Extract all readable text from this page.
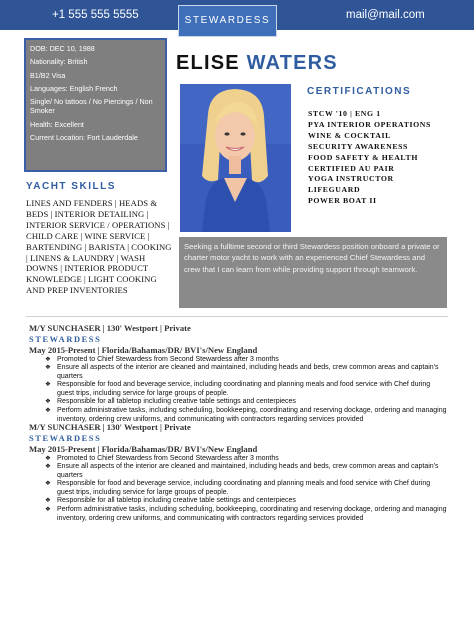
+1 555 555 5555	STEWARDESS	mail@mail.com
DOB: DEC 10, 1988
Nationality: British
B1/B2 Visa
Languages: English French
Single/ No tattoos / No Piercings / Non Smoker
Health: Excellent
Current Location: Fort Lauderdale
ELISE WATERS
CERTIFICATIONS
STCW '10 | ENG 1
PYA INTERIOR OPERATIONS
WINE & COCKTAIL
SECURITY AWARENESS
FOOD SAFETY & HEALTH
CERTIFIED AU PAIR
YOGA INSTRUCTOR
LIFEGUARD
POWER BOAT II
YACHT SKILLS
LINES AND FENDERS | HEADS & BEDS | INTERIOR DETAILING | INTERIOR SERVICE / OPERATIONS | CHILD CARE | WINE SERVICE | BARTENDING | BARISTA | COOKING | LINENS & LAUNDRY | WASH DOWNS | INTERIOR PRODUCT KNOWLEDGE | LIGHT COOKING AND PREP INVENTORIES
Seeking a fulltime second or third Stewardess position onboard a private or charter motor yacht to work with an experienced Chief Stewardess and crew that I can learn from while providing support through teamwork.
M/Y SUNCHASER | 130' Westport | Private
STEWARDESS
May 2015-Present | Florida/Bahamas/DR/ BVI's/New England
❖ Promoted to Chief Stewardess from Second Stewardess after 3 months
❖ Ensure all aspects of the interior are cleaned and maintained, including heads and beds, crew common areas and captain's quarters
❖ Responsible for food and beverage service, including coordinating and planning meals and food service with Chef during guest trips, including service for large groups of people.
❖ Responsible for all tabletop including creative table settings and centerpieces
❖ Perform administrative tasks, including scheduling, bookkeeping, coordinating and reserving dockage, ordering and managing inventory, ordering crew uniforms, and communicating with contractors regarding services provided
M/Y SUNCHASER | 130' Westport | Private
STEWARDESS
May 2015-Present | Florida/Bahamas/DR/ BVI's/New England
❖ Promoted to Chief Stewardess from Second Stewardess after 3 months
❖ Ensure all aspects of the interior are cleaned and maintained, including heads and beds, crew common areas and captain's quarters
❖ Responsible for food and beverage service, including coordinating and planning meals and food service with Chef during guest trips, including service for large groups of people.
❖ Responsible for all tabletop including creative table settings and centerpieces
❖ Perform administrative tasks, including scheduling, bookkeeping, coordinating and reserving dockage, ordering and managing inventory, ordering crew uniforms, and communicating with contractors regarding services provided
